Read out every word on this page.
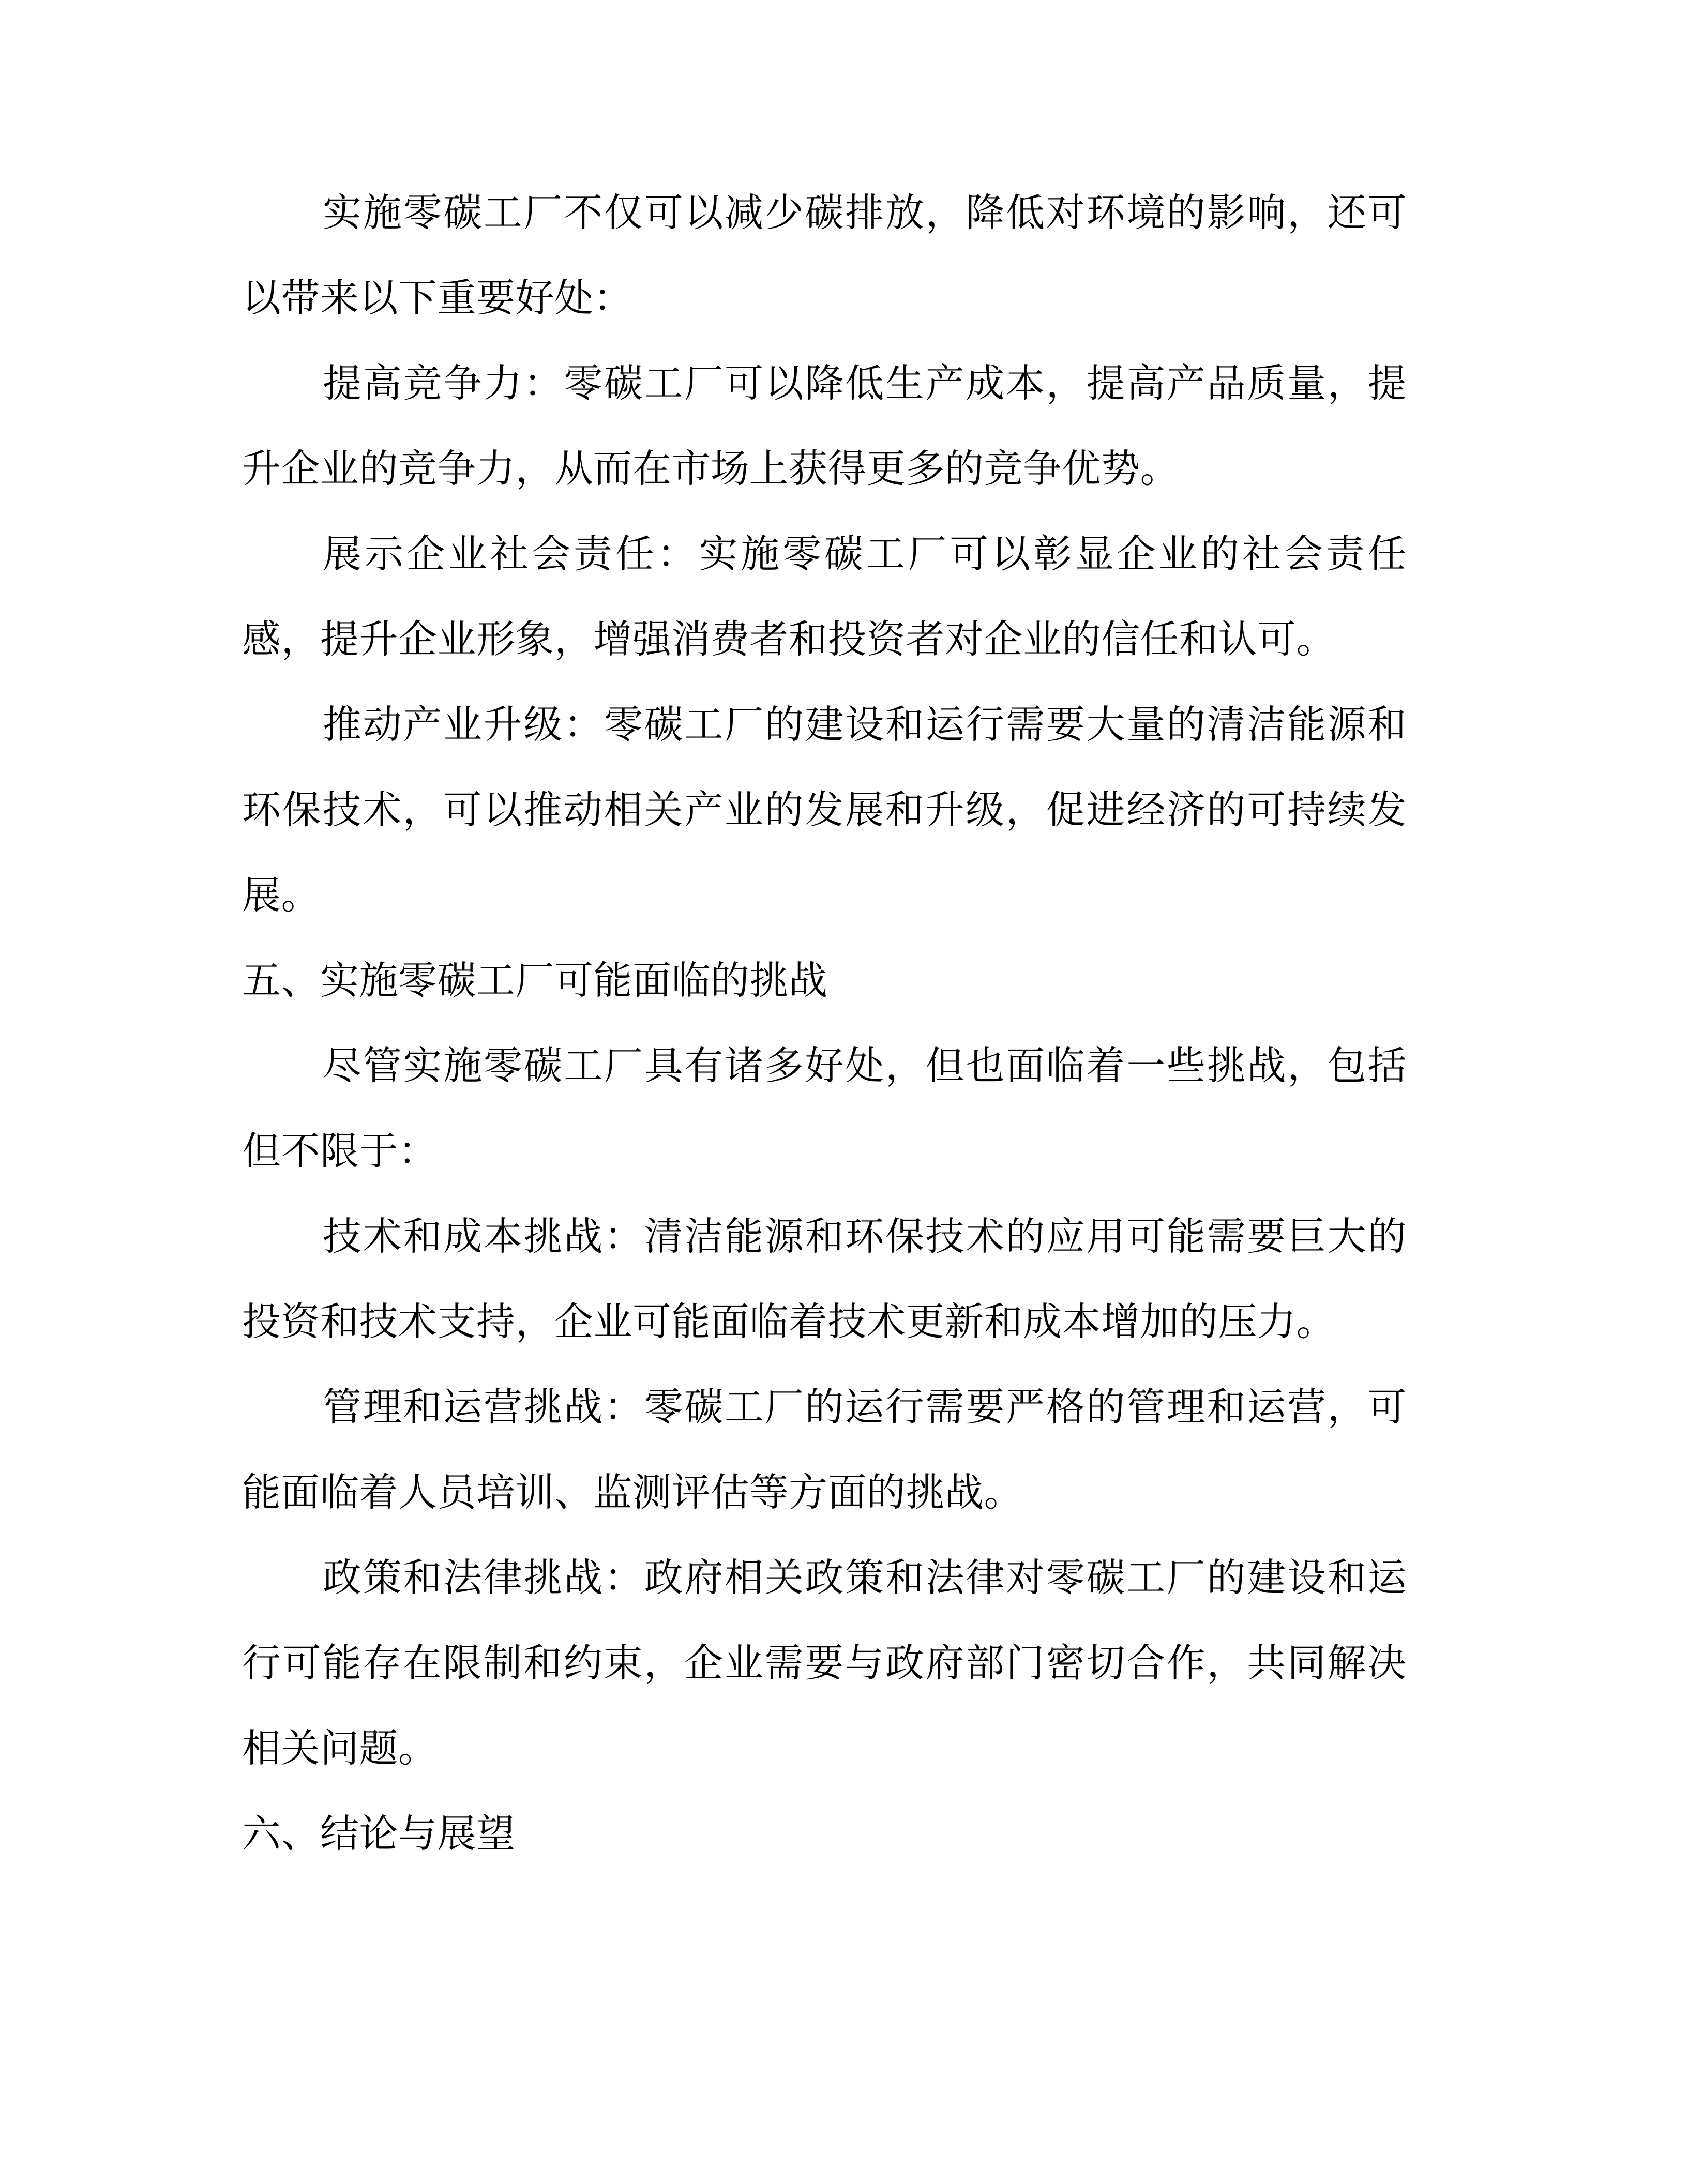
实施零碳工厂不仅可以减少碳排放，降低对环境的影响，还可以带来以下重要好处：

提高竞争力：零碳工厂可以降低生产成本，提高产品质量，提升企业的竞争力，从而在市场上获得更多的竞争优势。

展示企业社会责任：实施零碳工厂可以彰显企业的社会责任感，提升企业形象，增强消费者和投资者对企业的信任和认可。

推动产业升级：零碳工厂的建设和运行需要大量的清洁能源和环保技术，可以推动相关产业的发展和升级，促进经济的可持续发展。

五、实施零碳工厂可能面临的挑战

尽管实施零碳工厂具有诸多好处，但也面临着一些挑战，包括但不限于：

技术和成本挑战：清洁能源和环保技术的应用可能需要巨大的投资和技术支持，企业可能面临着技术更新和成本增加的压力。

管理和运营挑战：零碳工厂的运行需要严格的管理和运营，可能面临着人员培训、监测评估等方面的挑战。

政策和法律挑战：政府相关政策和法律对零碳工厂的建设和运行可能存在限制和约束，企业需要与政府部门密切合作，共同解决相关问题。

六、结论与展望
